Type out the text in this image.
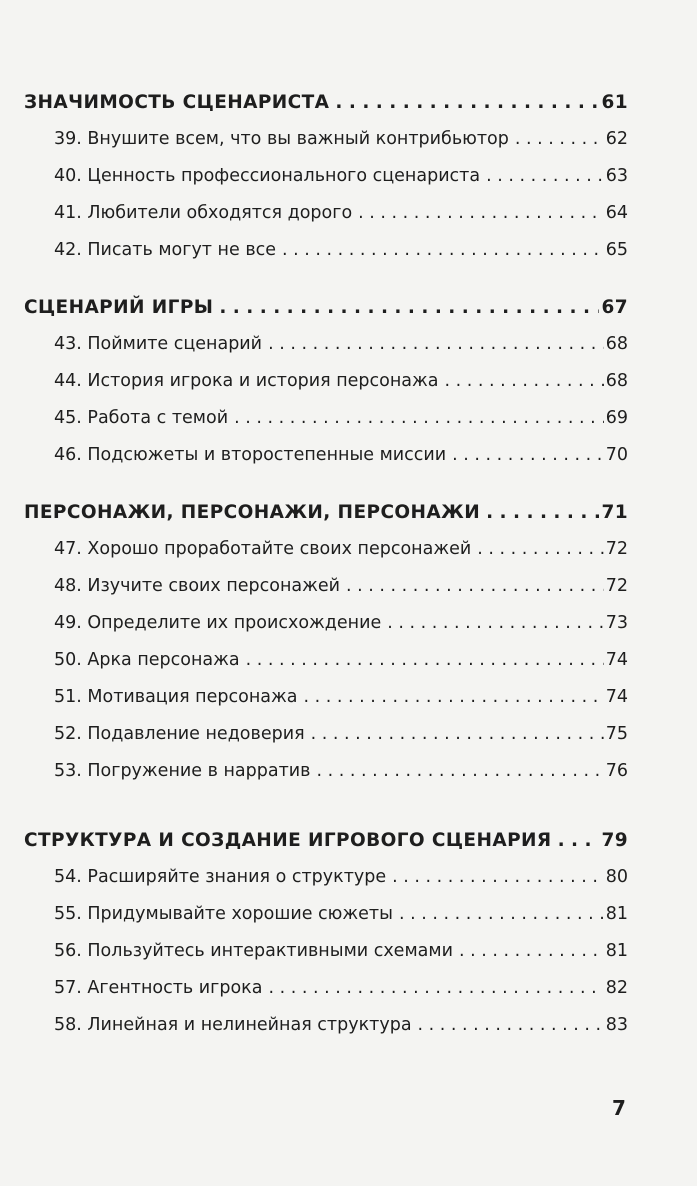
ЗНАЧИМОСТЬ СЦЕНАРИСТА . . .	61
39. Внушите всем, что вы важный контрибьютор . . .	62
40. Ценность профессионального сценариста . . .	63
41. Любители обходятся дорого . . .	64
42. Писать могут не все . . .	65
СЦЕНАРИЙ ИГРЫ . . .	67
43. Поймите сценарий . . .	68
44. История игрока и история персонажа . . .	68
45. Работа с темой . . .	69
46. Подсюжеты и второстепенные миссии . . .	70
ПЕРСОНАЖИ, ПЕРСОНАЖИ, ПЕРСОНАЖИ . . .	71
47. Хорошо проработайте своих персонажей . . .	72
48. Изучите своих персонажей . . .	72
49. Определите их происхождение . . .	73
50. Арка персонажа . . .	74
51. Мотивация персонажа . . .	74
52. Подавление недоверия . . .	75
53. Погружение в нарратив . . .	76
СТРУКТУРА И СОЗДАНИЕ ИГРОВОГО СЦЕНАРИЯ . . .	79
54. Расширяйте знания о структуре . . .	80
55. Придумывайте хорошие сюжеты . . .	81
56. Пользуйтесь интерактивными схемами . . .	81
57. Агентность игрока . . .	82
58. Линейная и нелинейная структура . . .	83
7
